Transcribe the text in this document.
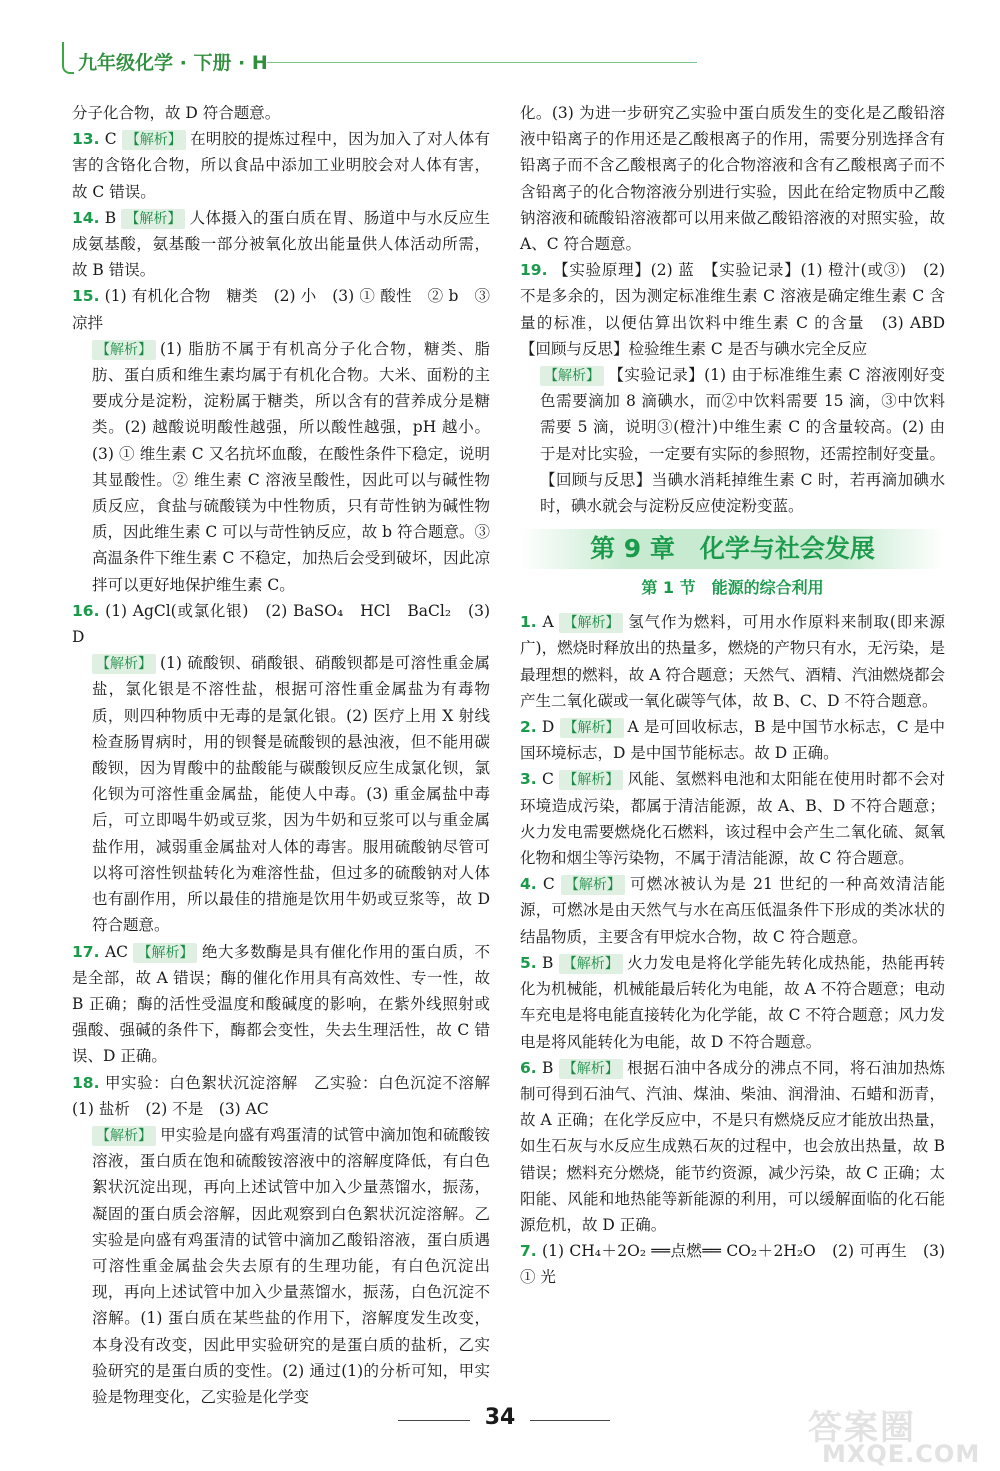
九年级化学 · 下册 · H

分子化合物，故 D 符合题意。

13. C 【解析】 在明胶的提炼过程中，因为加入了对人体有害的含铬化合物，所以食品中添加工业明胶会对人体有害，故 C 错误。

14. B 【解析】 人体摄入的蛋白质在胃、肠道中与水反应生成氨基酸，氨基酸一部分被氧化放出能量供人体活动所需，故 B 错误。

15. (1) 有机化合物　糖类　(2) 小　(3) ① 酸性　② b　③ 凉拌

【解析】 (1) 脂肪不属于有机高分子化合物，糖类、脂肪、蛋白质和维生素均属于有机化合物。大米、面粉的主要成分是淀粉，淀粉属于糖类，所以含有的营养成分是糖类。(2) 越酸说明酸性越强，所以酸性越强，pH 越小。(3) ① 维生素 C 又名抗坏血酸，在酸性条件下稳定，说明其显酸性。② 维生素 C 溶液呈酸性，因此可以与碱性物质反应，食盐与硫酸镁为中性物质，只有苛性钠为碱性物质，因此维生素 C 可以与苛性钠反应，故 b 符合题意。③ 高温条件下维生素 C 不稳定，加热后会受到破坏，因此凉拌可以更好地保护维生素 C。

16. (1) AgCl(或氯化银)　(2) BaSO₄　HCl　BaCl₂　(3) D

【解析】 (1) 硫酸钡、硝酸银、硝酸钡都是可溶性重金属盐，氯化银是不溶性盐，根据可溶性重金属盐为有毒物质，则四种物质中无毒的是氯化银。(2) 医疗上用 X 射线检查肠胃病时，用的钡餐是硫酸钡的悬浊液，但不能用碳酸钡，因为胃酸中的盐酸能与碳酸钡反应生成氯化钡，氯化钡为可溶性重金属盐，能使人中毒。(3) 重金属盐中毒后，可立即喝牛奶或豆浆，因为牛奶和豆浆可以与重金属盐作用，减弱重金属盐对人体的毒害。服用硫酸钠尽管可以将可溶性钡盐转化为难溶性盐，但过多的硫酸钠对人体也有副作用，所以最佳的措施是饮用牛奶或豆浆等，故 D 符合题意。

17. AC 【解析】 绝大多数酶是具有催化作用的蛋白质，不是全部，故 A 错误；酶的催化作用具有高效性、专一性，故 B 正确；酶的活性受温度和酸碱度的影响，在紫外线照射或强酸、强碱的条件下，酶都会变性，失去生理活性，故 C 错误、D 正确。

18. 甲实验：白色絮状沉淀溶解　乙实验：白色沉淀不溶解　(1) 盐析　(2) 不是　(3) AC

【解析】 甲实验是向盛有鸡蛋清的试管中滴加饱和硫酸铵溶液，蛋白质在饱和硫酸铵溶液中的溶解度降低，有白色絮状沉淀出现，再向上述试管中加入少量蒸馏水，振荡，凝固的蛋白质会溶解，因此观察到白色絮状沉淀溶解。乙实验是向盛有鸡蛋清的试管中滴加乙酸铅溶液，蛋白质遇可溶性重金属盐会失去原有的生理功能，有白色沉淀出现，再向上述试管中加入少量蒸馏水，振荡，白色沉淀不溶解。(1) 蛋白质在某些盐的作用下，溶解度发生改变，本身没有改变，因此甲实验研究的是蛋白质的盐析，乙实验研究的是蛋白质的变性。(2) 通过(1)的分析可知，甲实验是物理变化，乙实验是化学变

化。(3) 为进一步研究乙实验中蛋白质发生的变化是乙酸铅溶液中铅离子的作用还是乙酸根离子的作用，需要分别选择含有铅离子而不含乙酸根离子的化合物溶液和含有乙酸根离子而不含铅离子的化合物溶液分别进行实验，因此在给定物质中乙酸钠溶液和硫酸铅溶液都可以用来做乙酸铅溶液的对照实验，故 A、C 符合题意。

19. 【实验原理】(2) 蓝　【实验记录】(1) 橙汁(或③)　(2) 不是多余的，因为测定标准维生素 C 溶液是确定维生素 C 含量的标准，以便估算出饮料中维生素 C 的含量　(3) ABD　【回顾与反思】检验维生素 C 是否与碘水完全反应

【解析】 【实验记录】(1) 由于标准维生素 C 溶液刚好变色需要滴加 8 滴碘水，而②中饮料需要 15 滴，③中饮料需要 5 滴，说明③(橙汁)中维生素 C 的含量较高。(2) 由于是对比实验，一定要有实际的参照物，还需控制好变量。【回顾与反思】当碘水消耗掉维生素 C 时，若再滴加碘水时，碘水就会与淀粉反应使淀粉变蓝。

第 9 章　化学与社会发展
第 1 节　能源的综合利用

1. A 【解析】 氢气作为燃料，可用水作原料来制取(即来源广)，燃烧时释放出的热量多，燃烧的产物只有水，无污染，是最理想的燃料，故 A 符合题意；天然气、酒精、汽油燃烧都会产生二氧化碳或一氧化碳等气体，故 B、C、D 不符合题意。

2. D 【解析】 A 是可回收标志，B 是中国节水标志，C 是中国环境标志，D 是中国节能标志。故 D 正确。

3. C 【解析】 风能、氢燃料电池和太阳能在使用时都不会对环境造成污染，都属于清洁能源，故 A、B、D 不符合题意；火力发电需要燃烧化石燃料，该过程中会产生二氧化硫、氮氧化物和烟尘等污染物，不属于清洁能源，故 C 符合题意。

4. C 【解析】 可燃冰被认为是 21 世纪的一种高效清洁能源，可燃冰是由天然气与水在高压低温条件下形成的类冰状的结晶物质，主要含有甲烷水合物，故 C 符合题意。

5. B 【解析】 火力发电是将化学能先转化成热能，热能再转化为机械能，机械能最后转化为电能，故 A 不符合题意；电动车充电是将电能直接转化为化学能，故 C 不符合题意；风力发电是将风能转化为电能，故 D 不符合题意。

6. B 【解析】 根据石油中各成分的沸点不同，将石油加热炼制可得到石油气、汽油、煤油、柴油、润滑油、石蜡和沥青，故 A 正确；在化学反应中，不是只有燃烧反应才能放出热量，如生石灰与水反应生成熟石灰的过程中，也会放出热量，故 B 错误；燃料充分燃烧，能节约资源，减少污染，故 C 正确；太阳能、风能和地热能等新能源的利用，可以缓解面临的化石能源危机，故 D 正确。

7. (1) CH₄＋2O₂ ══点燃══ CO₂＋2H₂O　(2) 可再生　(3) ① 光

34	答案圈
MXQE.COM
